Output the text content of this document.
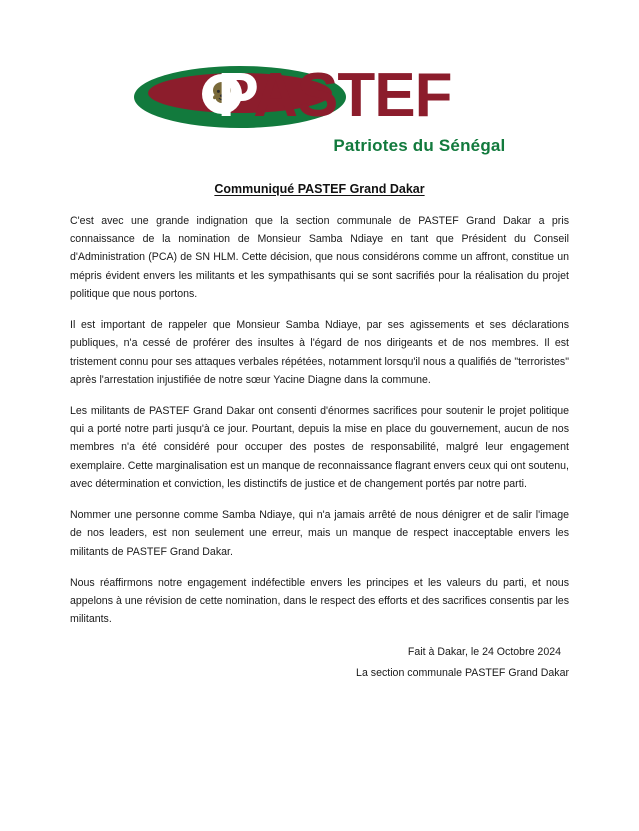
PASTEF
Patriotes du Sénégal
Communiqué PASTEF Grand Dakar

C'est avec une grande indignation que la section communale de PASTEF Grand Dakar a pris connaissance de la nomination de Monsieur Samba Ndiaye en tant que Président du Conseil d'Administration (PCA) de SN HLM. Cette décision, que nous considérons comme un affront, constitue un mépris évident envers les militants et les sympathisants qui se sont sacrifiés pour la réalisation du projet politique que nous portons.

Il est important de rappeler que Monsieur Samba Ndiaye, par ses agissements et ses déclarations publiques, n'a cessé de proférer des insultes à l'égard de nos dirigeants et de nos membres. Il est tristement connu pour ses attaques verbales répétées, notamment lorsqu'il nous a qualifiés de "terroristes" après l'arrestation injustifiée de notre sœur Yacine Diagne dans la commune.

Les militants de PASTEF Grand Dakar ont consenti d'énormes sacrifices pour soutenir le projet politique qui a porté notre parti jusqu'à ce jour. Pourtant, depuis la mise en place du gouvernement, aucun de nos membres n'a été considéré pour occuper des postes de responsabilité, malgré leur engagement exemplaire. Cette marginalisation est un manque de reconnaissance flagrant envers ceux qui ont soutenu, avec détermination et conviction, les distinctifs de justice et de changement portés par notre parti.

Nommer une personne comme Samba Ndiaye, qui n'a jamais arrêté de nous dénigrer et de salir l'image de nos leaders, est non seulement une erreur, mais un manque de respect inacceptable envers les militants de PASTEF Grand Dakar.

Nous réaffirmons notre engagement indéfectible envers les principes et les valeurs du parti, et nous appelons à une révision de cette nomination, dans le respect des efforts et des sacrifices consentis par les militants.

Fait à Dakar, le 24 Octobre 2024
La section communale PASTEF Grand Dakar
